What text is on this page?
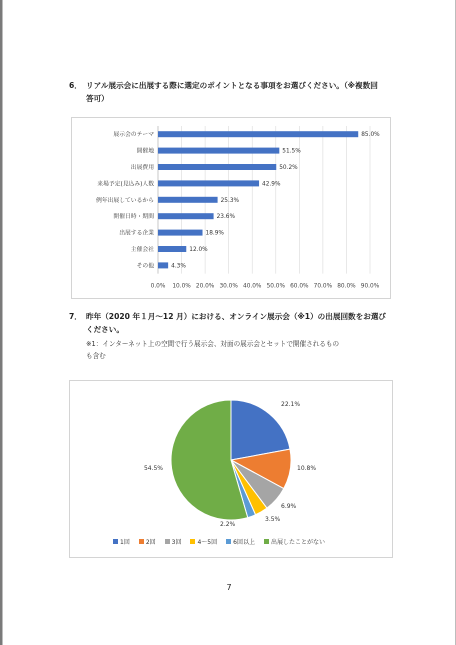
6． リアル展示会に出展する際に選定のポイントとなる事項をお選びください。（※複数回
答可）
0.0% 10.0% 20.0% 30.0% 40.0% 50.0% 60.0% 70.0% 80.0% 90.0%
展示会のテーマ	85.0%
開催地	51.5%
出展費用	50.2%
来場予定(見込み)人数	42.9%
例年出展しているから	25.3%
開催日時・期間	23.6%
出展する企業	18.9%
主催会社	12.0%
その他	4.3%
7． 昨年（2020 年１月～12 月）における、オンライン展示会（※1）の出展回数をお選び
ください。
※1：インターネット上の空間で行う展示会、対面の展示会とセットで開催されるもの
も含む
22.1%
10.8%
6.9%
3.5%
2.2%
54.5%
1回	2回	3回	4～5回	6回以上	出展したことがない
7
